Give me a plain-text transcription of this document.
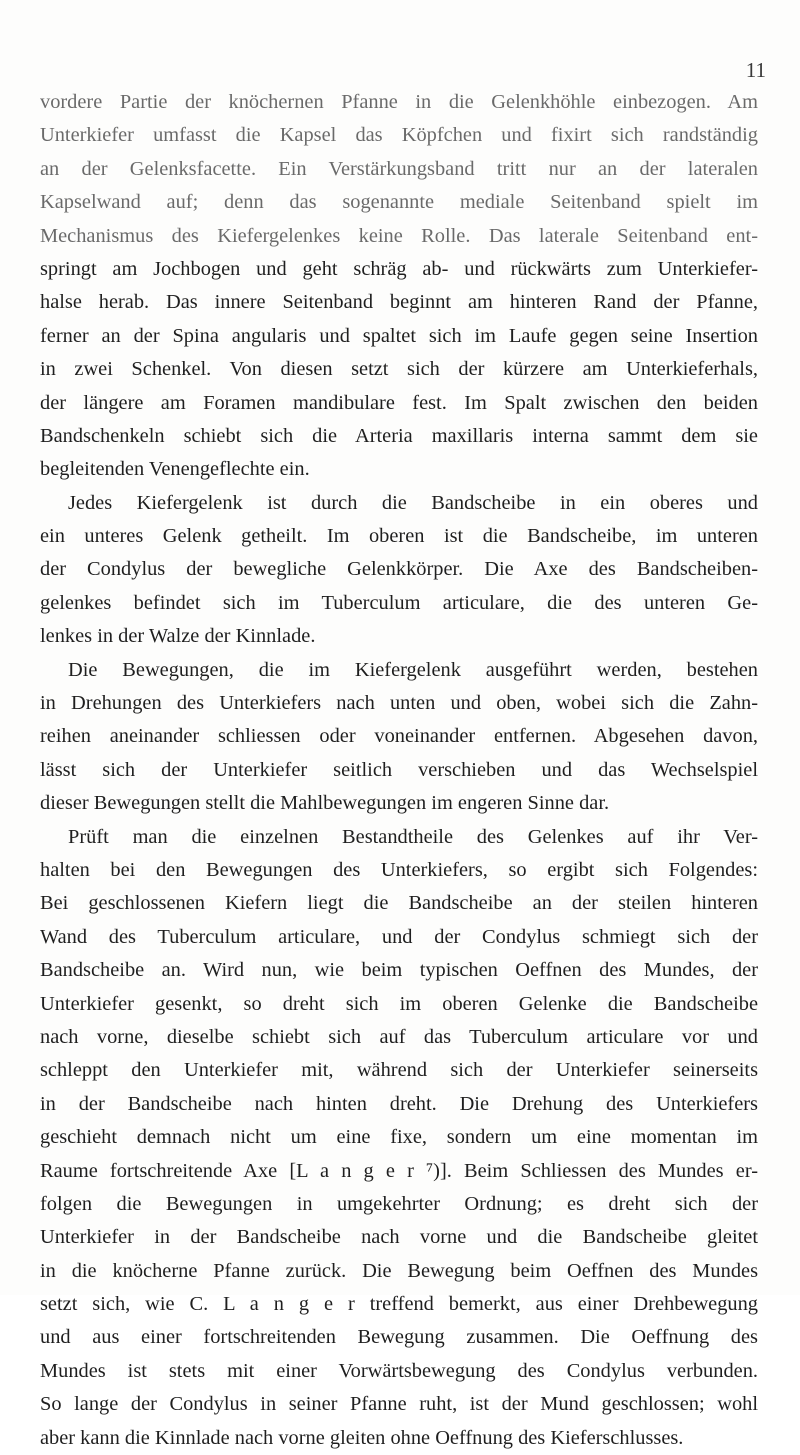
11
vordere Partie der knöchernen Pfanne in die Gelenkhöhle einbezogen. Am
Unterkiefer umfasst die Kapsel das Köpfchen und fixirt sich randständig
an der Gelenksfacette. Ein Verstärkungsband tritt nur an der lateralen
Kapselwand auf; denn das sogenannte mediale Seitenband spielt im
Mechanismus des Kiefergelenkes keine Rolle. Das laterale Seitenband ent-
springt am Jochbogen und geht schräg ab- und rückwärts zum Unterkiefer-
halse herab. Das innere Seitenband beginnt am hinteren Rand der Pfanne,
ferner an der Spina angularis und spaltet sich im Laufe gegen seine Insertion
in zwei Schenkel. Von diesen setzt sich der kürzere am Unterkieferhals,
der längere am Foramen mandibulare fest. Im Spalt zwischen den beiden
Bandschenkeln schiebt sich die Arteria maxillaris interna sammt dem sie
begleitenden Venengeflechte ein.
Jedes Kiefergelenk ist durch die Bandscheibe in ein oberes und
ein unteres Gelenk getheilt. Im oberen ist die Bandscheibe, im unteren
der Condylus der bewegliche Gelenkkörper. Die Axe des Bandscheiben-
gelenkes befindet sich im Tuberculum articulare, die des unteren Ge-
lenkes in der Walze der Kinnlade.
Die Bewegungen, die im Kiefergelenk ausgeführt werden, bestehen
in Drehungen des Unterkiefers nach unten und oben, wobei sich die Zahn-
reihen aneinander schliessen oder voneinander entfernen. Abgesehen davon,
lässt sich der Unterkiefer seitlich verschieben und das Wechselspiel
dieser Bewegungen stellt die Mahlbewegungen im engeren Sinne dar.
Prüft man die einzelnen Bestandtheile des Gelenkes auf ihr Ver-
halten bei den Bewegungen des Unterkiefers, so ergibt sich Folgendes:
Bei geschlossenen Kiefern liegt die Bandscheibe an der steilen hinteren
Wand des Tuberculum articulare, und der Condylus schmiegt sich der
Bandscheibe an. Wird nun, wie beim typischen Oeffnen des Mundes, der
Unterkiefer gesenkt, so dreht sich im oberen Gelenke die Bandscheibe
nach vorne, dieselbe schiebt sich auf das Tuberculum articulare vor und
schleppt den Unterkiefer mit, während sich der Unterkiefer seinerseits
in der Bandscheibe nach hinten dreht. Die Drehung des Unterkiefers
geschieht demnach nicht um eine fixe, sondern um eine momentan im
Raume fortschreitende Axe [L a n g e r ⁷)]. Beim Schliessen des Mundes er-
folgen die Bewegungen in umgekehrter Ordnung; es dreht sich der
Unterkiefer in der Bandscheibe nach vorne und die Bandscheibe gleitet
in die knöcherne Pfanne zurück. Die Bewegung beim Oeffnen des Mundes
setzt sich, wie C. L a n g e r treffend bemerkt, aus einer Drehbewegung
und aus einer fortschreitenden Bewegung zusammen. Die Oeffnung des
Mundes ist stets mit einer Vorwärtsbewegung des Condylus verbunden.
So lange der Condylus in seiner Pfanne ruht, ist der Mund geschlossen; wohl
aber kann die Kinnlade nach vorne gleiten ohne Oeffnung des Kieferschlusses.
